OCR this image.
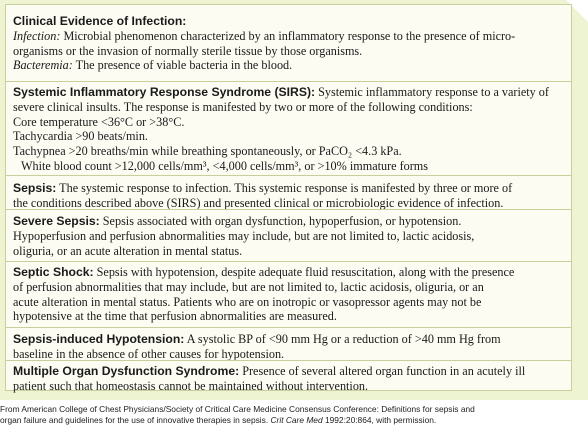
Clinical Evidence of Infection:
Infection: Microbial phenomenon characterized by an inflammatory response to the presence of micro-
organisms or the invasion of normally sterile tissue by those organisms.
Bacteremia: The presence of viable bacteria in the blood.
Systemic Inflammatory Response Syndrome (SIRS): Systemic inflammatory response to a variety of
severe clinical insults. The response is manifested by two or more of the following conditions:
Core temperature <36°C or >38°C.
Tachycardia >90 beats/min.
Tachypnea >20 breaths/min while breathing spontaneously, or PaCO₂ <4.3 kPa.
White blood count >12,000 cells/mm³, <4,000 cells/mm³, or >10% immature forms
Sepsis: The systemic response to infection. This systemic response is manifested by three or more of
the conditions described above (SIRS) and presented clinical or microbiologic evidence of infection.
Severe Sepsis: Sepsis associated with organ dysfunction, hypoperfusion, or hypotension.
Hypoperfusion and perfusion abnormalities may include, but are not limited to, lactic acidosis,
oliguria, or an acute alteration in mental status.
Septic Shock: Sepsis with hypotension, despite adequate fluid resuscitation, along with the presence
of perfusion abnormalities that may include, but are not limited to, lactic acidosis, oliguria, or an
acute alteration in mental status. Patients who are on inotropic or vasopressor agents may not be
hypotensive at the time that perfusion abnormalities are measured.
Sepsis-induced Hypotension: A systolic BP of <90 mm Hg or a reduction of >40 mm Hg from
baseline in the absence of other causes for hypotension.
Multiple Organ Dysfunction Syndrome: Presence of several altered organ function in an acutely ill
patient such that homeostasis cannot be maintained without intervention.
From American College of Chest Physicians/Society of Critical Care Medicine Consensus Conference: Definitions for sepsis and
organ failure and guidelines for the use of innovative therapies in sepsis. Crit Care Med 1992:20:864, with permission.
